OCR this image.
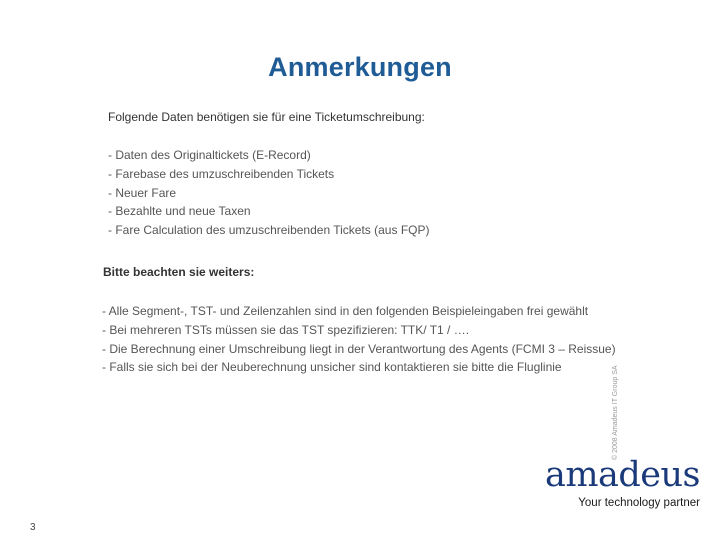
Anmerkungen
Folgende Daten benötigen sie für eine Ticketumschreibung:
- Daten des Originaltickets (E-Record)
- Farebase des umzuschreibenden Tickets
- Neuer Fare
- Bezahlte und neue Taxen
- Fare Calculation des umzuschreibenden Tickets (aus FQP)
Bitte beachten sie weiters:
- Alle Segment-, TST- und Zeilenzahlen sind in den folgenden Beispieleingaben frei gewählt
- Bei mehreren TSTs müssen sie das TST spezifizieren: TTK/ T1 / ….
- Die Berechnung einer Umschreibung liegt in der Verantwortung des Agents (FCMI 3 – Reissue)
- Falls sie sich bei der Neuberechnung unsicher sind kontaktieren sie bitte die Fluglinie	© 2008 Amadeus IT Group SA
3
amadeus
Your technology partner
